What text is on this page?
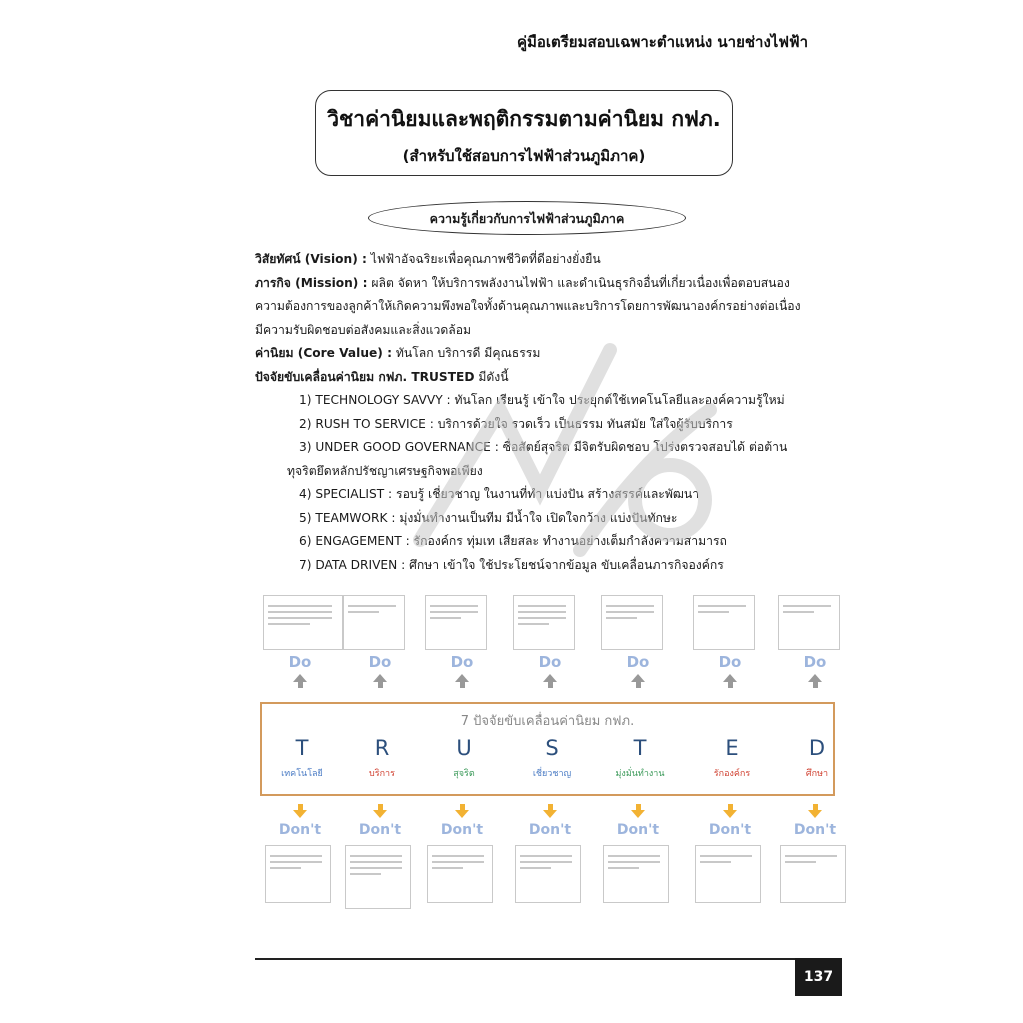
คู่มือเตรียมสอบเฉพาะตำแหน่ง นายช่างไฟฟ้า
วิชาค่านิยมและพฤติกรรมตามค่านิยม กฟภ.
(สำหรับใช้สอบการไฟฟ้าส่วนภูมิภาค)
ความรู้เกี่ยวกับการไฟฟ้าส่วนภูมิภาค

วิสัยทัศน์ (Vision) : ไฟฟ้าอัจฉริยะเพื่อคุณภาพชีวิตที่ดีอย่างยั่งยืน

ภารกิจ (Mission) : ผลิต จัดหา ให้บริการพลังงานไฟฟ้า และดำเนินธุรกิจอื่นที่เกี่ยวเนื่องเพื่อตอบสนอง

ความต้องการของลูกค้าให้เกิดความพึงพอใจทั้งด้านคุณภาพและบริการโดยการพัฒนาองค์กรอย่างต่อเนื่อง

มีความรับผิดชอบต่อสังคมและสิ่งแวดล้อม

ค่านิยม (Core Value) : ทันโลก บริการดี มีคุณธรรม

ปัจจัยขับเคลื่อนค่านิยม กฟภ. TRUSTED มีดังนี้

1) TECHNOLOGY SAVVY : ทันโลก เรียนรู้ เข้าใจ ประยุกต์ใช้เทคโนโลยีและองค์ความรู้ใหม่

2) RUSH TO SERVICE : บริการด้วยใจ รวดเร็ว เป็นธรรม ทันสมัย ใส่ใจผู้รับบริการ

3) UNDER GOOD GOVERNANCE : ซื่อสัตย์สุจริต มีจิตรับผิดชอบ โปร่งตรวจสอบได้ ต่อต้าน

ทุจริตยึดหลักปรัชญาเศรษฐกิจพอเพียง

4) SPECIALIST : รอบรู้ เชี่ยวชาญ ในงานที่ทำ แบ่งปัน สร้างสรรค์และพัฒนา

5) TEAMWORK : มุ่งมั่นทำงานเป็นทีม มีน้ำใจ เปิดใจกว้าง แบ่งปันทักษะ

6) ENGAGEMENT : รักองค์กร ทุ่มเท เสียสละ ทำงานอย่างเต็มกำลังความสามารถ

7) DATA DRIVEN : ศึกษา เข้าใจ ใช้ประโยชน์จากข้อมูล ขับเคลื่อนภารกิจองค์กร

7 ปัจจัยขับเคลื่อนค่านิยม กฟภ.
T
เทคโนโลยี
R
บริการ
U
สุจริต
S
เชี่ยวชาญ
T
มุ่งมั่นทำงาน
E
รักองค์กร
D
ศึกษา
Do
Don't
Do
Don't
Do
Don't
Do
Don't
Do
Don't
Do
Don't
Do
Don't
137
